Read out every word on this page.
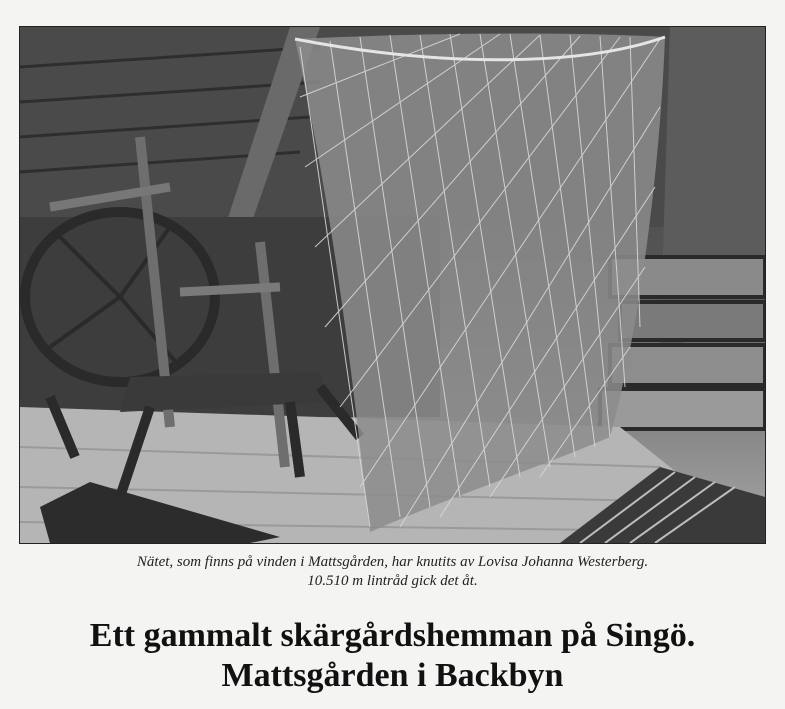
Nätet, som finns på vinden i Mattsgården, har knutits av Lovisa Johanna Westerberg.
10.510 m lintråd gick det åt.
Ett gammalt skärgårdshemman på Singö.
Mattsgården i Backbyn
